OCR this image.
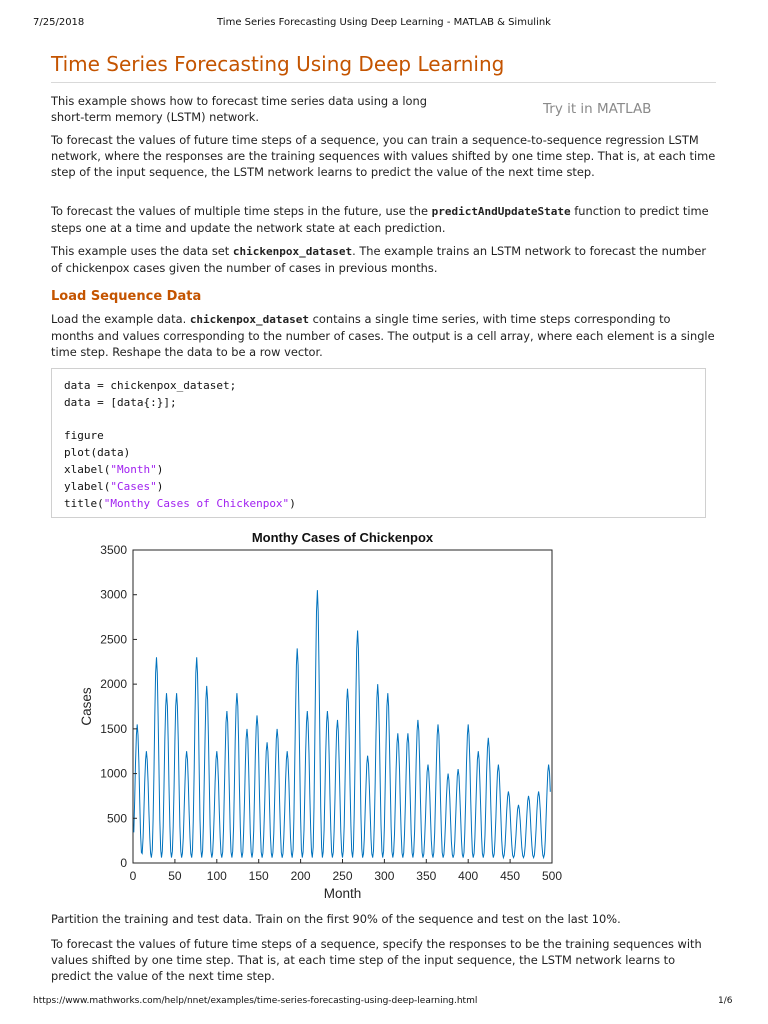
7/25/2018	Time Series Forecasting Using Deep Learning - MATLAB & Simulink
Time Series Forecasting Using Deep Learning
Try it in MATLAB
This example shows how to forecast time series data using a long short-term memory (LSTM) network.
To forecast the values of future time steps of a sequence, you can train a sequence-to-sequence regression LSTM network, where the responses are the training sequences with values shifted by one time step. That is, at each time step of the input sequence, the LSTM network learns to predict the value of the next time step.
To forecast the values of multiple time steps in the future, use the predictAndUpdateState function to predict time steps one at a time and update the network state at each prediction.
This example uses the data set chickenpox_dataset. The example trains an LSTM network to forecast the number of chickenpox cases given the number of cases in previous months.
Load Sequence Data
Load the example data. chickenpox_dataset contains a single time series, with time steps corresponding to months and values corresponding to the number of cases. The output is a cell array, where each element is a single time step. Reshape the data to be a row vector.
data = chickenpox_dataset;
data = [data{:}];

figure
plot(data)
xlabel("Month")
ylabel("Cases")
title("Monthy Cases of Chickenpox")
0	50 100 150 200 250 300 350 400 450 500
0
500
1000
1500
2000
2500
3000
3500
Monthy Cases of Chickenpox
Month
Cases
Partition the training and test data. Train on the first 90% of the sequence and test on the last 10%.
To forecast the values of future time steps of a sequence, specify the responses to be the training sequences with values shifted by one time step. That is, at each time step of the input sequence, the LSTM network learns to predict the value of the next time step.
https://www.mathworks.com/help/nnet/examples/time-series-forecasting-using-deep-learning.html	1/6
